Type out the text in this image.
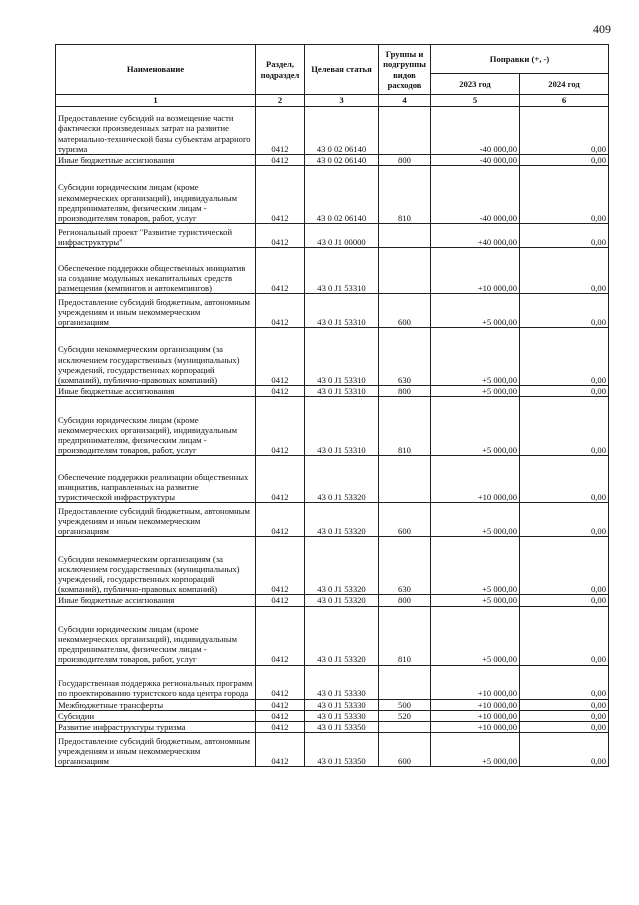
409
Наименование	Раздел, подраздел	Целевая статья	Группы и подгруппы видов расходов	Поправки (+, -)	
				2023 год	2024 год
1	2	3	4	5	6
Предоставление субсидий на возмещение части фактически произведенных затрат на развитие материально-технической базы субъектам аграрного туризма	0412	43 0 02 06140		-40 000,00	0,00
Иные бюджетные ассигнования	0412	43 0 02 06140	800	-40 000,00	0,00
Субсидии юридическим лицам (кроме некоммерческих организаций), индивидуальным предпринимателям, физическим лицам - производителям товаров, работ, услуг	0412	43 0 02 06140	810	-40 000,00	0,00
Региональный проект "Развитие туристической инфраструктуры"	0412	43 0 J1 00000		+40 000,00	0,00
Обеспечение поддержки общественных инициатив на создание модульных некапитальных средств размещения (кемпингов и автокемпингов)	0412	43 0 J1 53310		+10 000,00	0,00
Предоставление субсидий бюджетным, автономным учреждениям и иным некоммерческим организациям	0412	43 0 J1 53310	600	+5 000,00	0,00
Субсидии некоммерческим организациям (за исключением государственных (муниципальных) учреждений, государственных корпораций (компаний), публично-правовых компаний)	0412	43 0 J1 53310	630	+5 000,00	0,00
Иные бюджетные ассигнования	0412	43 0 J1 53310	800	+5 000,00	0,00
Субсидии юридическим лицам (кроме некоммерческих организаций), индивидуальным предпринимателям, физическим лицам - производителям товаров, работ, услуг	0412	43 0 J1 53310	810	+5 000,00	0,00
Обеспечение поддержки реализации общественных инициатив, направленных на развитие туристической инфраструктуры	0412	43 0 J1 53320		+10 000,00	0,00
Предоставление субсидий бюджетным, автономным учреждениям и иным некоммерческим организациям	0412	43 0 J1 53320	600	+5 000,00	0,00
Субсидии некоммерческим организациям (за исключением государственных (муниципальных) учреждений, государственных корпораций (компаний), публично-правовых компаний)	0412	43 0 J1 53320	630	+5 000,00	0,00
Иные бюджетные ассигнования	0412	43 0 J1 53320	800	+5 000,00	0,00
Субсидии юридическим лицам (кроме некоммерческих организаций), индивидуальным предпринимателям, физическим лицам - производителям товаров, работ, услуг	0412	43 0 J1 53320	810	+5 000,00	0,00
Государственная поддержка региональных программ по проектированию туристского кода центра города	0412	43 0 J1 53330		+10 000,00	0,00
Межбюджетные трансферты	0412	43 0 J1 53330	500	+10 000,00	0,00
Субсидии	0412	43 0 J1 53330	520	+10 000,00	0,00
Развитие инфраструктуры туризма	0412	43 0 J1 53350		+10 000,00	0,00
Предоставление субсидий бюджетным, автономным учреждениям и иным некоммерческим организациям	0412	43 0 J1 53350	600	+5 000,00	0,00
